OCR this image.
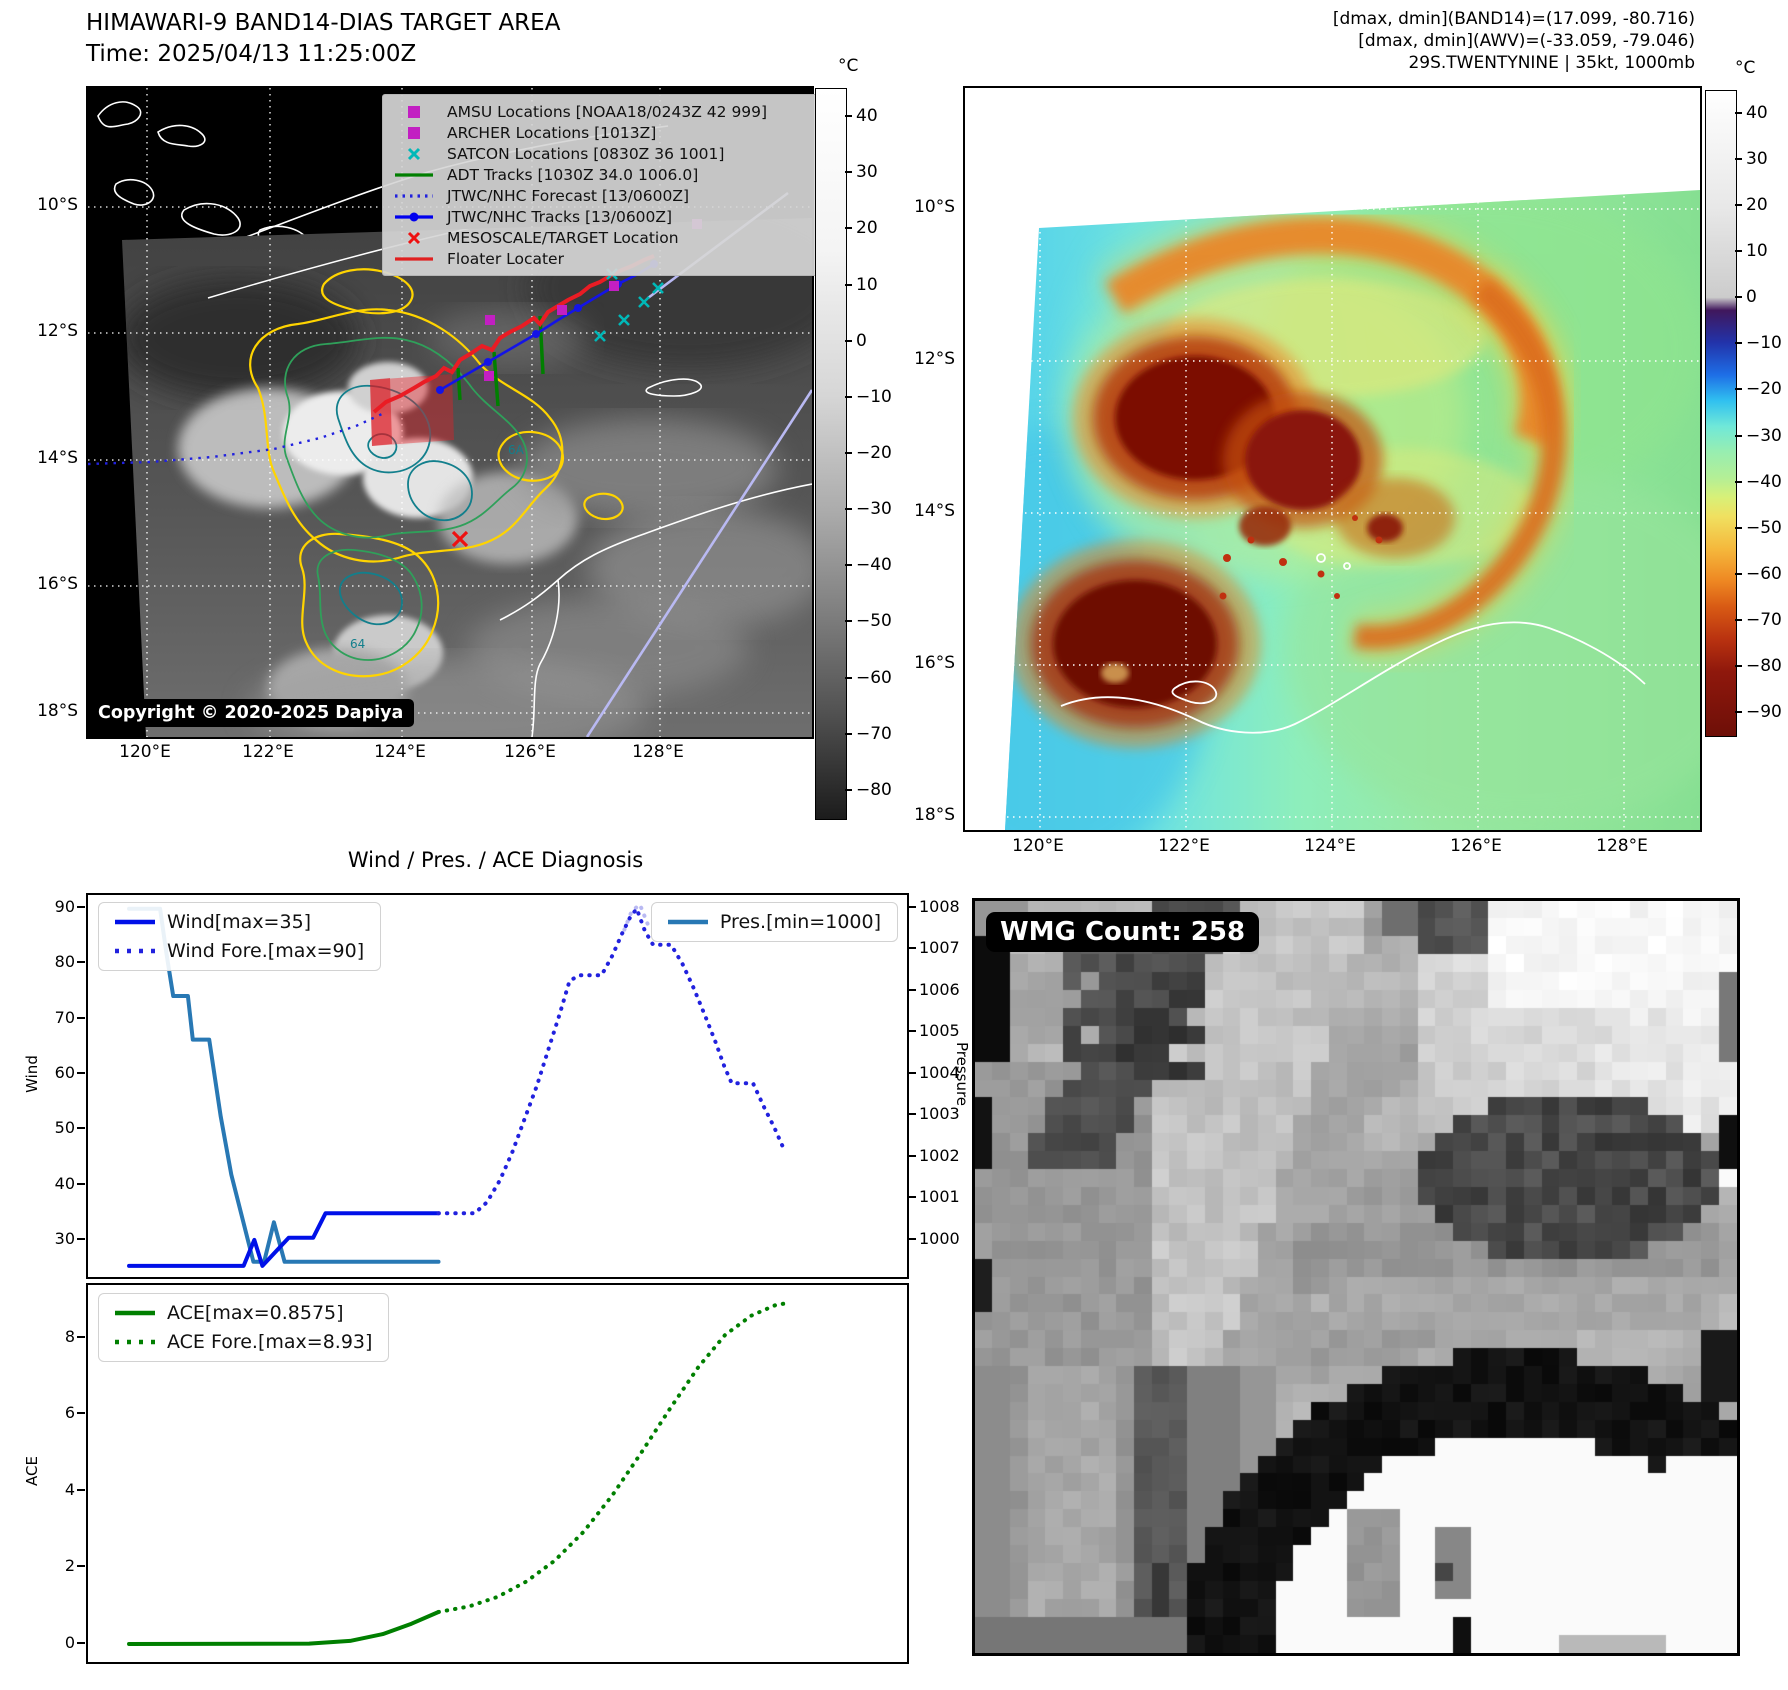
HIMAWARI-9 BAND14-DIAS TARGET AREA
Time: 2025/04/13 11:25:00Z
6A
64
10°S
12°S
14°S
16°S
18°S
120°E	122°E	124°E	126°E	128°E
AMSU Locations [NOAA18/0243Z 42 999]
ARCHER Locations [1013Z]
SATCON Locations [0830Z 36 1001]
ADT Tracks [1030Z 34.0 1006.0]
JTWC/NHC Forecast [13/0600Z]
JTWC/NHC Tracks [13/0600Z]
MESOSCALE/TARGET Location
Floater Locater
Copyright © 2020-2025 Dapiya
°C
40
30
20
10
0
−10
−20
−30
−40
−50
−60
−70
−80
[dmax, dmin](BAND14)=(17.099, -80.716)
[dmax, dmin](AWV)=(-33.059, -79.046)
29S.TWENTYNINE | 35kt, 1000mb
10°S
12°S
14°S
16°S
18°S
120°E	122°E	124°E	126°E	128°E
°C
40
30
20
10
0
−10
−20
−30
−40
−50
−60
−70
−80
−90
Wind / Pres. / ACE Diagnosis
30
40
50
60
70
80
90
1000
1001
1002
1003
1004
1005
1006
1007
1008
0
2
4
6
8
Wind	Pressure
ACE
Wind[max=35]
Wind Fore.[max=90]
Pres.[min=1000]
ACE[max=0.8575]
ACE Fore.[max=8.93]
WMG Count: 258
